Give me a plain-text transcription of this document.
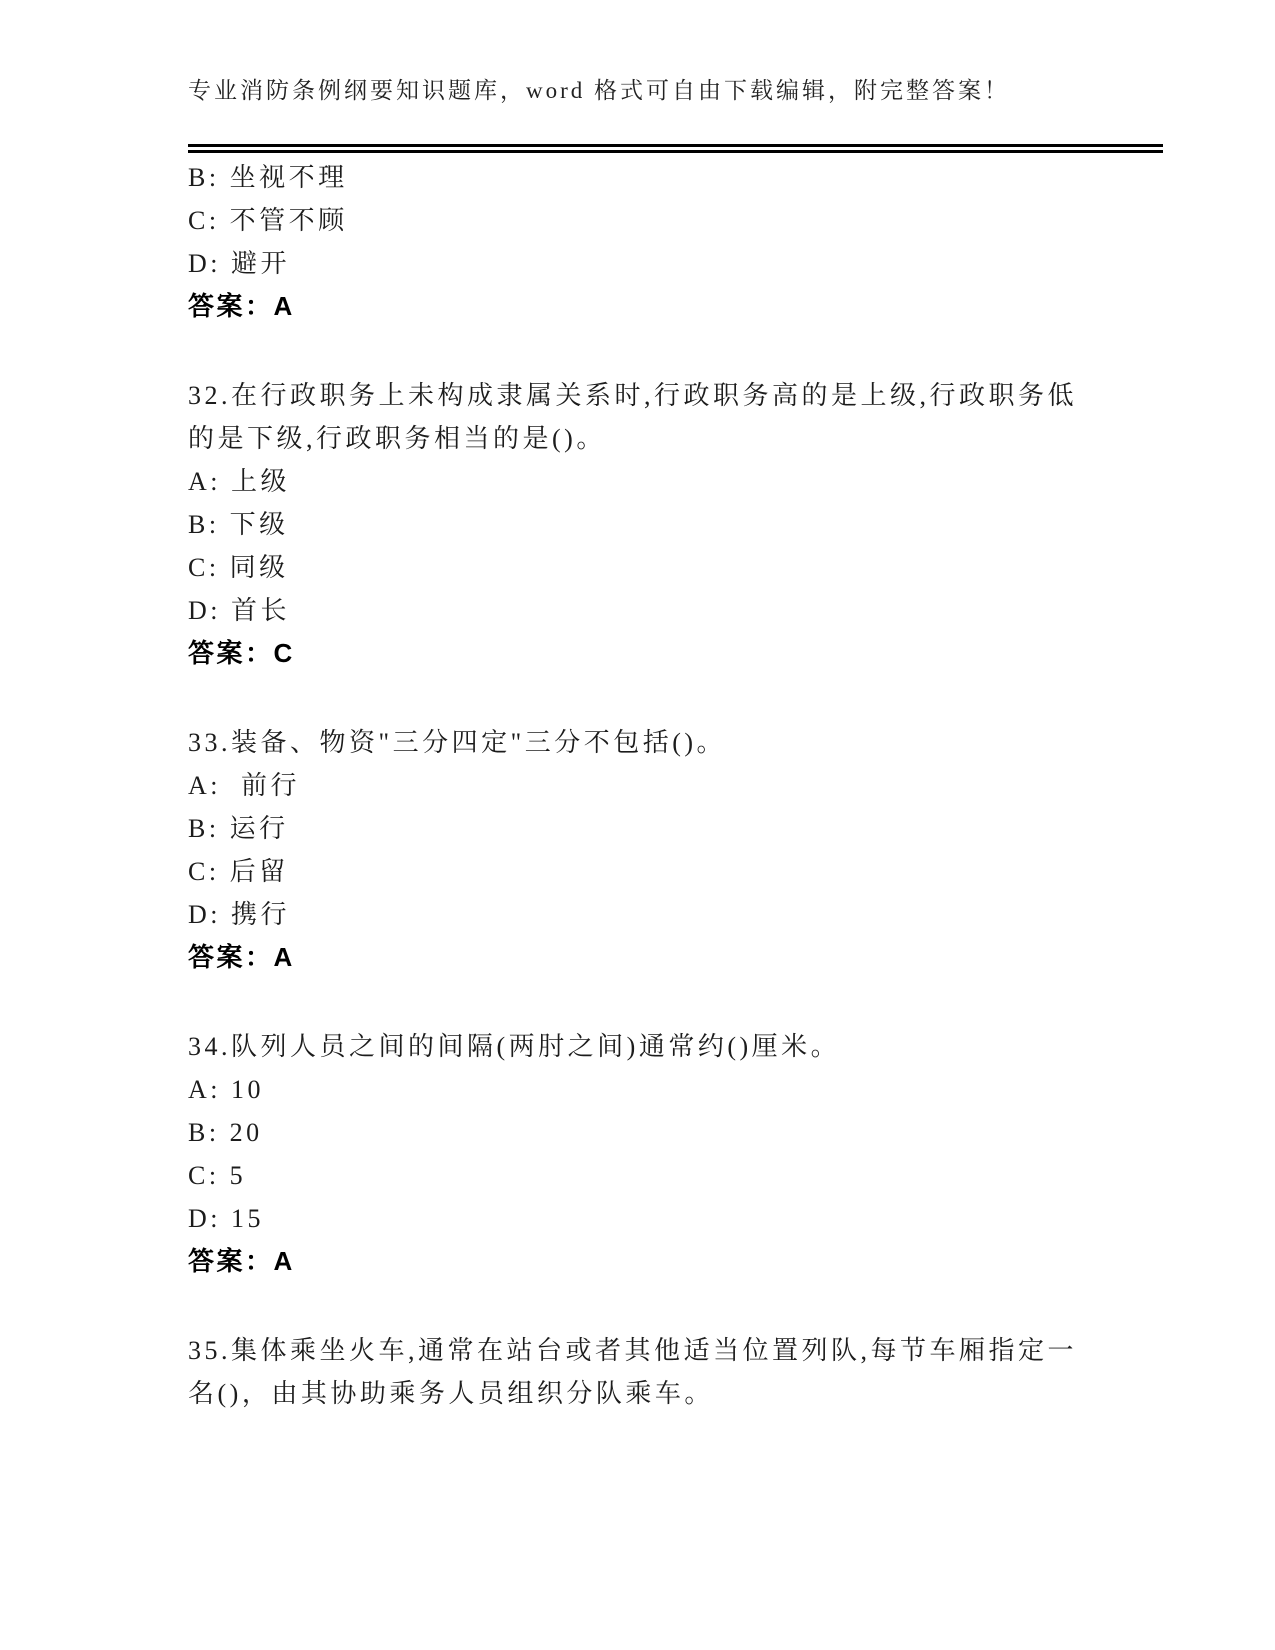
专业消防条例纲要知识题库，word 格式可自由下载编辑，附完整答案！
B: 坐视不理
C: 不管不顾
D: 避开
答案：A
32.在行政职务上未构成隶属关系时,行政职务高的是上级,行政职务低
的是下级,行政职务相当的是()。
A: 上级
B: 下级
C: 同级
D: 首长
答案：C
33.装备、物资"三分四定"三分不包括()。
A:  前行
B: 运行
C: 后留
D: 携行
答案：A
34.队列人员之间的间隔(两肘之间)通常约()厘米。
A: 10
B: 20
C: 5
D: 15
答案：A
35.集体乘坐火车,通常在站台或者其他适当位置列队,每节车厢指定一
名()，由其协助乘务人员组织分队乘车。
